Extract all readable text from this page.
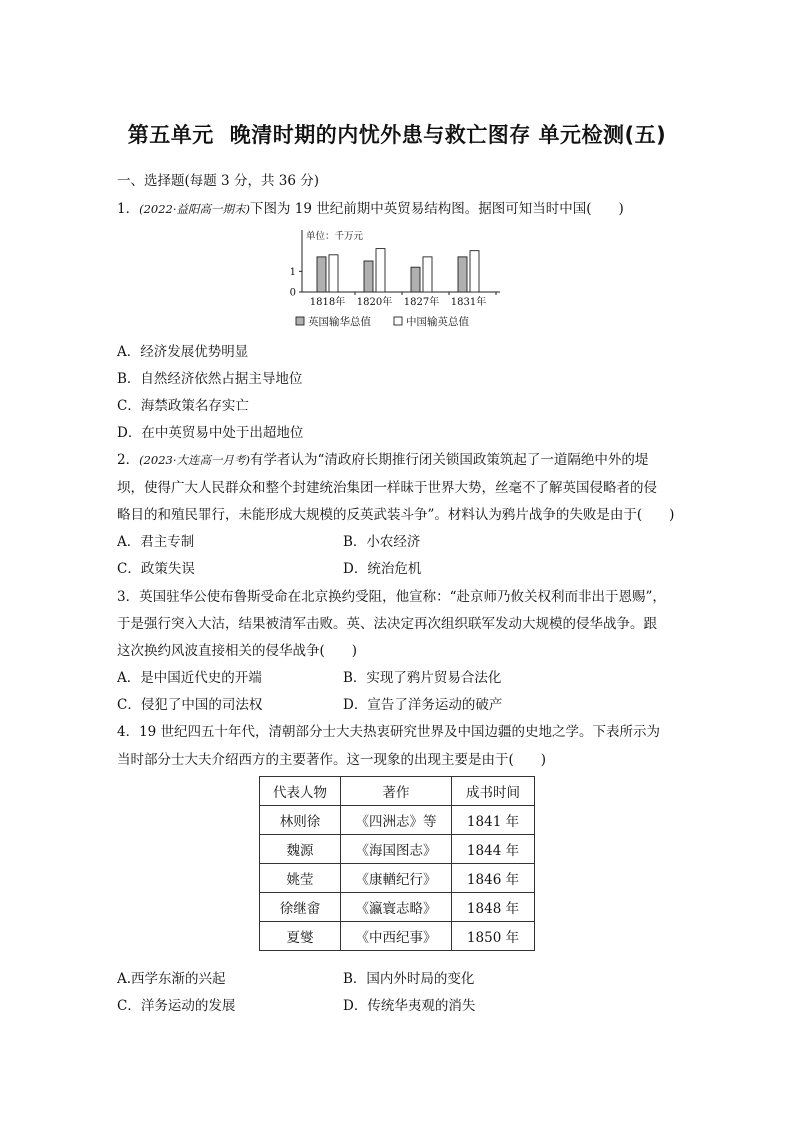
第五单元 晚清时期的内忧外患与救亡图存 单元检测(五)
一、选择题(每题 3 分，共 36 分)
1．(2022·益阳高一期末)下图为 19 世纪前期中英贸易结构图。据图可知当时中国(　　)
单位：千万元
0
1
1818年 1820年 1827年 1831年
英国输华总值	中国输英总值
A．经济发展优势明显
B．自然经济依然占据主导地位
C．海禁政策名存实亡
D．在中英贸易中处于出超地位
2．(2023·大连高一月考)有学者认为“清政府长期推行闭关锁国政策筑起了一道隔绝中外的堤
坝，使得广大人民群众和整个封建统治集团一样昧于世界大势，丝毫不了解英国侵略者的侵
略目的和殖民罪行，未能形成大规模的反英武装斗争”。材料认为鸦片战争的失败是由于(　　)
A．君主专制	B．小农经济
C．政策失误	D．统治危机
3．英国驻华公使布鲁斯受命在北京换约受阻，他宣称：“赴京师乃攸关权利而非出于恩赐”，
于是强行突入大沽，结果被清军击败。英、法决定再次组织联军发动大规模的侵华战争。跟
这次换约风波直接相关的侵华战争(　　)
A．是中国近代史的开端	B．实现了鸦片贸易合法化
C．侵犯了中国的司法权	D．宣告了洋务运动的破产
4．19 世纪四五十年代，清朝部分士大夫热衷研究世界及中国边疆的史地之学。下表所示为
当时部分士大夫介绍西方的主要著作。这一现象的出现主要是由于(　　)
代表人物	著作	成书时间
林则徐	《四洲志》等	1841 年
魏源	《海国图志》	1844 年
姚莹	《康輶纪行》	1846 年
徐继畲	《瀛寰志略》	1848 年
夏燮	《中西纪事》	1850 年
A.西学东渐的兴起	B．国内外时局的变化
C．洋务运动的发展	D．传统华夷观的消失
